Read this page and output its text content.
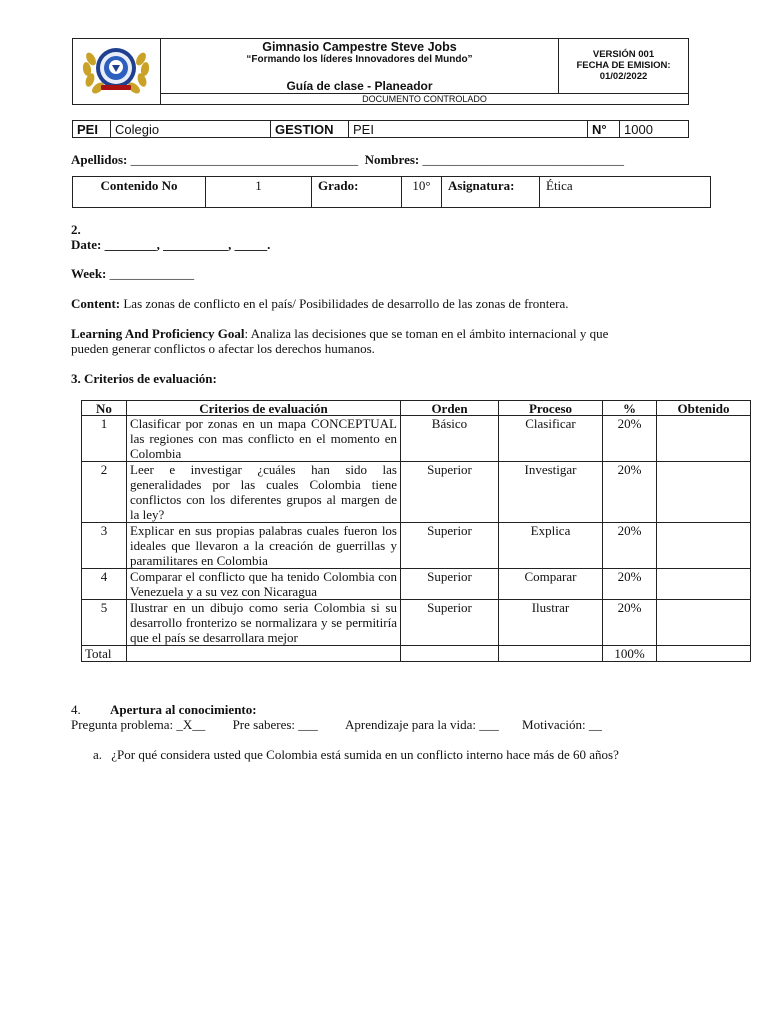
Gimnasio Campestre Steve Jobs
“Formando los líderes Innovadores del Mundo”
Guía de clase - Planeador

VERSIÓN 001
FECHA DE EMISION:
01/02/2022

DOCUMENTO CONTROLADO
PEI	Colegio	GESTION	PEI	N°	1000
Apellidos: ___________________________________ Nombres: _______________________________
Contenido No	1	Grado:	10°	Asignatura:	Ética
2.
Date: ________, __________, _____.
Week: _____________
Content: Las zonas de conflicto en el país/ Posibilidades de desarrollo de las zonas de frontera.
Learning And Proficiency Goal: Analiza las decisiones que se toman en el ámbito internacional y que
pueden generar conflictos o afectar los derechos humanos.
3. Criterios de evaluación:
No	Criterios de evaluación	Orden	Proceso	%	Obtenido
1	Clasificar por zonas en un mapa CONCEPTUAL las regiones con mas conflicto en el momento en Colombia	Básico	Clasificar	20%	
2	Leer e investigar ¿cuáles han sido las generalidades por las cuales Colombia tiene conflictos con los diferentes grupos al margen de la ley?	Superior	Investigar	20%	
3	Explicar en sus propias palabras cuales fueron los ideales que llevaron a la creación de guerrillas y paramilitares en Colombia	Superior	Explica	20%	
4	Comparar el conflicto que ha tenido Colombia con Venezuela y a su vez con Nicaragua	Superior	Comparar	20%	
5	Ilustrar en un dibujo como seria Colombia si su desarrollo fronterizo se normalizara y se permitiría que el país se desarrollara mejor	Superior	Ilustrar	20%	
Total				100%	
4. Apertura al conocimiento:
Pregunta problema: _X__ Pre saberes: ___ Aprendizaje para la vida: ___ Motivación: __
a. ¿Por qué considera usted que Colombia está sumida en un conflicto interno hace más de 60 años?
